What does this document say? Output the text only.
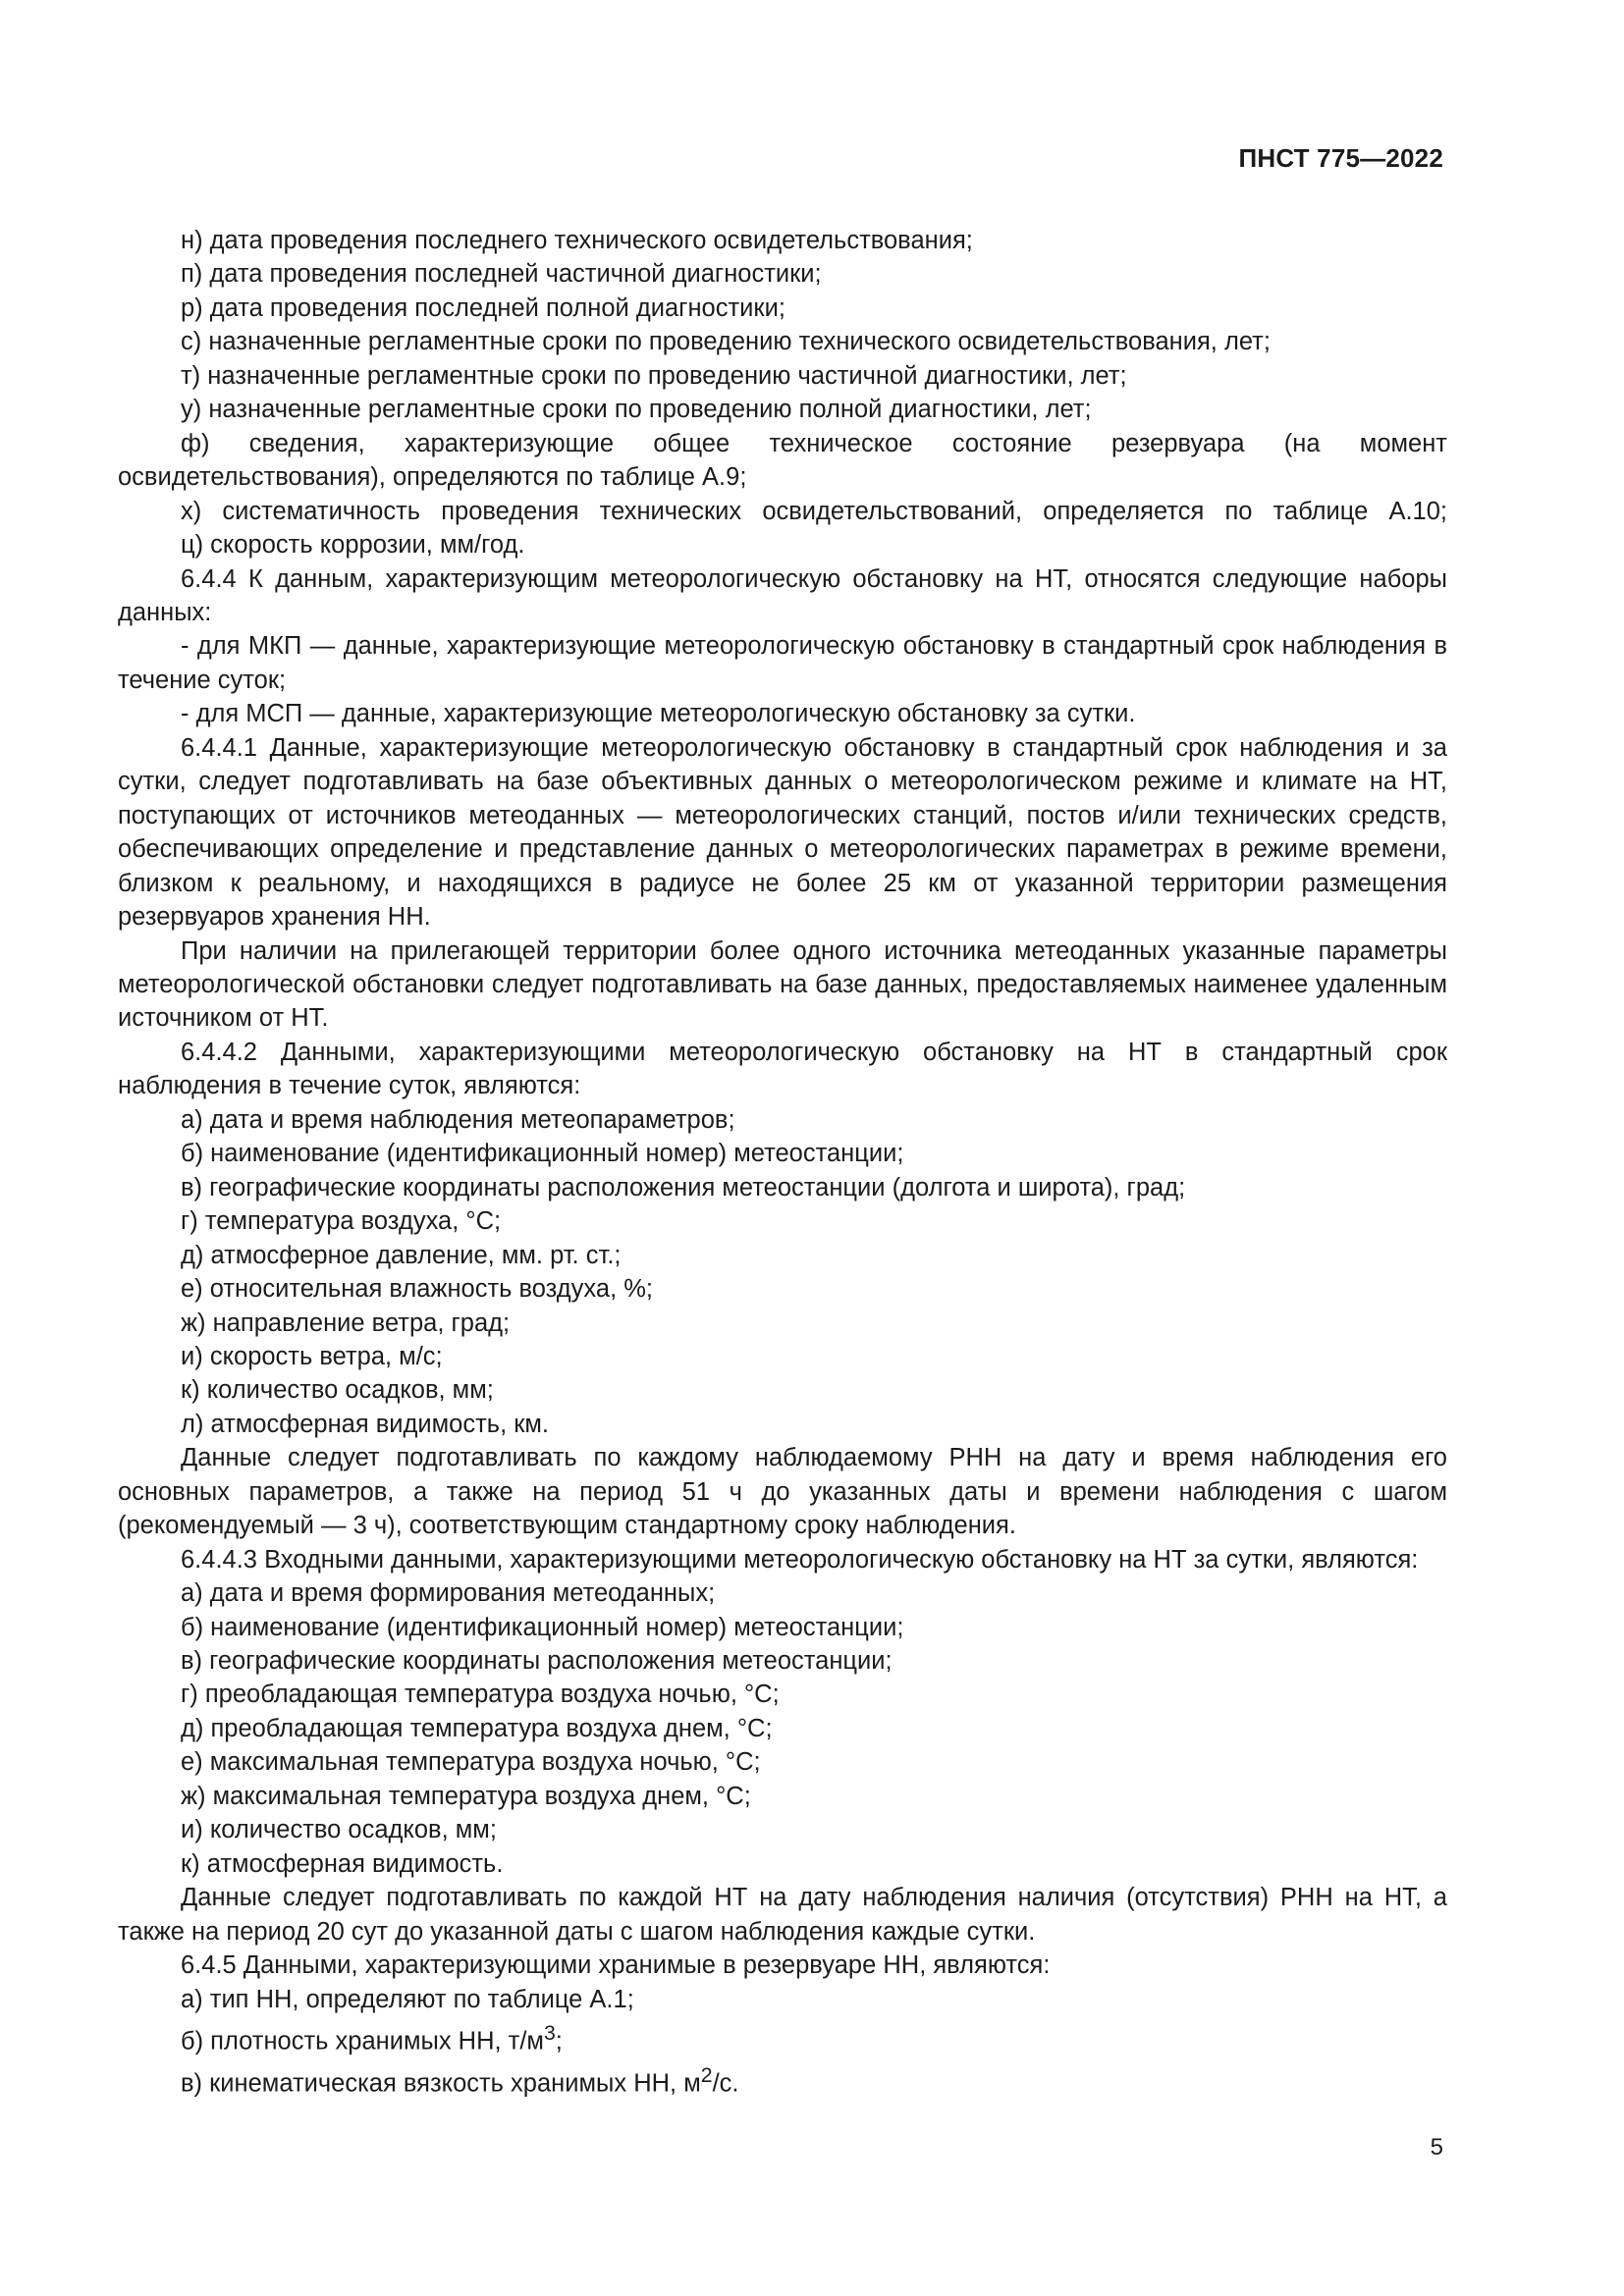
ПНСТ 775—2022

н) дата проведения последнего технического освидетельствования;

п) дата проведения последней частичной диагностики;

р) дата проведения последней полной диагностики;

с) назначенные регламентные сроки по проведению технического освидетельствования, лет;

т) назначенные регламентные сроки по проведению частичной диагностики, лет;

у) назначенные регламентные сроки по проведению полной диагностики, лет;

ф) сведения, характеризующие общее техническое состояние резервуара (на момент освидетельствования), определяются по таблице А.9;

х) систематичность проведения технических освидетельствований, определяется по таблице А.10;

ц) скорость коррозии, мм/год.

6.4.4 К данным, характеризующим метеорологическую обстановку на НТ, относятся следующие наборы данных:

- для МКП — данные, характеризующие метеорологическую обстановку в стандартный срок наблюдения в течение суток;

- для МСП — данные, характеризующие метеорологическую обстановку за сутки.

6.4.4.1 Данные, характеризующие метеорологическую обстановку в стандартный срок наблюдения и за сутки, следует подготавливать на базе объективных данных о метеорологическом режиме и климате на НТ, поступающих от источников метеоданных — метеорологических станций, постов и/или технических средств, обеспечивающих определение и представление данных о метеорологических параметрах в режиме времени, близком к реальному, и находящихся в радиусе не более 25 км от указанной территории размещения резервуаров хранения НН.

При наличии на прилегающей территории более одного источника метеоданных указанные параметры метеорологической обстановки следует подготавливать на базе данных, предоставляемых наименее удаленным источником от НТ.

6.4.4.2 Данными, характеризующими метеорологическую обстановку на НТ в стандартный срок наблюдения в течение суток, являются:

а) дата и время наблюдения метеопараметров;

б) наименование (идентификационный номер) метеостанции;

в) географические координаты расположения метеостанции (долгота и широта), град;

г) температура воздуха, °С;

д) атмосферное давление, мм. рт. ст.;

е) относительная влажность воздуха, %;

ж) направление ветра, град;

и) скорость ветра, м/с;

к) количество осадков, мм;

л) атмосферная видимость, км.

Данные следует подготавливать по каждому наблюдаемому РНН на дату и время наблюдения его основных параметров, а также на период 51 ч до указанных даты и времени наблюдения с шагом (рекомендуемый — 3 ч), соответствующим стандартному сроку наблюдения.

6.4.4.3 Входными данными, характеризующими метеорологическую обстановку на НТ за сутки, являются:

а) дата и время формирования метеоданных;

б) наименование (идентификационный номер) метеостанции;

в) географические координаты расположения метеостанции;

г) преобладающая температура воздуха ночью, °С;

д) преобладающая температура воздуха днем, °С;

е) максимальная температура воздуха ночью, °С;

ж) максимальная температура воздуха днем, °С;

и) количество осадков, мм;

к) атмосферная видимость.

Данные следует подготавливать по каждой НТ на дату наблюдения наличия (отсутствия) РНН на НТ, а также на период 20 сут до указанной даты с шагом наблюдения каждые сутки.

6.4.5 Данными, характеризующими хранимые в резервуаре НН, являются:

а) тип НН, определяют по таблице А.1;

б) плотность хранимых НН, $т/м^3$;

в) кинематическая вязкость хранимых НН, $м^2/с$.

5
